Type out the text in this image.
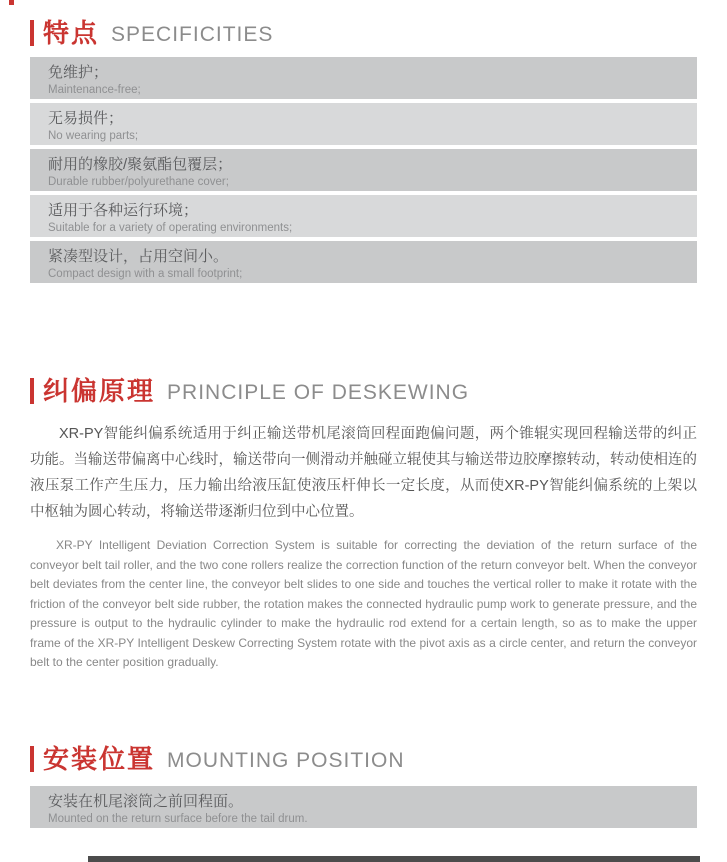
特点 SPECIFICITIES
免维护；
Maintenance-free;
无易损件；
No wearing parts;
耐用的橡胶/聚氨酯包覆层；
Durable rubber/polyurethane cover;
适用于各种运行环境；
Suitable for a variety of operating environments;
紧凑型设计，占用空间小。
Compact design with a small footprint;
纠偏原理 PRINCIPLE OF DESKEWING

XR-PY智能纠偏系统适用于纠正输送带机尾滚筒回程面跑偏问题，两个锥辊实现回程输送带的纠正功能。当输送带偏离中心线时，输送带向一侧滑动并触碰立辊使其与输送带边胶摩擦转动，转动使相连的液压泵工作产生压力，压力输出给液压缸使液压杆伸长一定长度，从而使XR-PY智能纠偏系统的上架以中枢轴为圆心转动，将输送带逐渐归位到中心位置。

XR-PY Intelligent Deviation Correction System is suitable for correcting the deviation of the return surface of the conveyor belt tail roller, and the two cone rollers realize the correction function of the return conveyor belt. When the conveyor belt deviates from the center line, the conveyor belt slides to one side and touches the vertical roller to make it rotate with the friction of the conveyor belt side rubber, the rotation makes the connected hydraulic pump work to generate pressure, and the pressure is output to the hydraulic cylinder to make the hydraulic rod extend for a certain length, so as to make the upper frame of the XR-PY Intelligent Deskew Correcting System rotate with the pivot axis as a circle center, and return the conveyor belt to the center position gradually.

安装位置 MOUNTING POSITION
安装在机尾滚筒之前回程面。
Mounted on the return surface before the tail drum.
